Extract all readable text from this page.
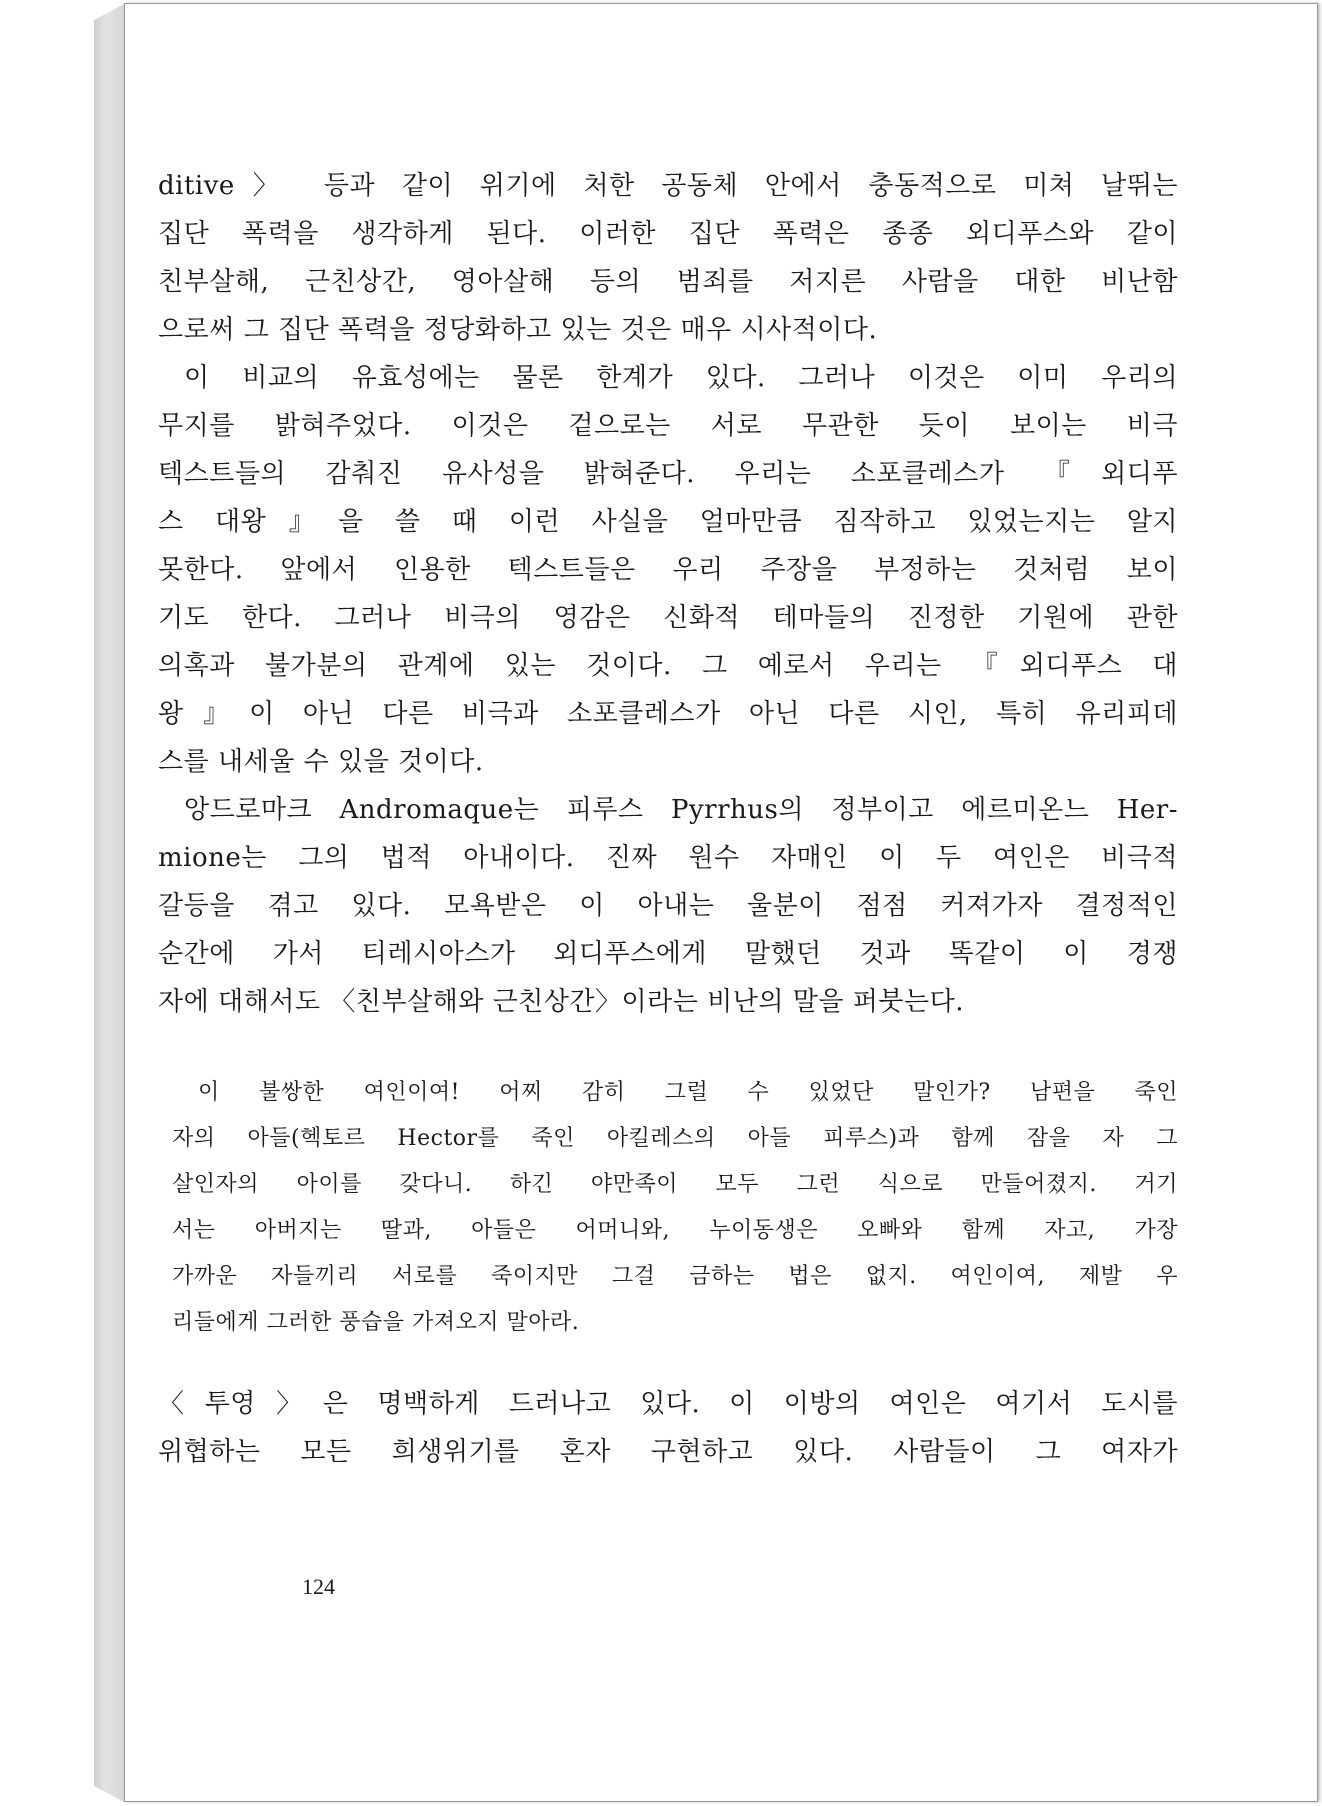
ditive〉 등과 같이 위기에 처한 공동체 안에서 충동적으로 미쳐 날뛰는
집단 폭력을 생각하게 된다. 이러한 집단 폭력은 종종 외디푸스와 같이
친부살해, 근친상간, 영아살해 등의 범죄를 저지른 사람을 대한 비난함
으로써 그 집단 폭력을 정당화하고 있는 것은 매우 시사적이다.
이 비교의 유효성에는 물론 한계가 있다. 그러나 이것은 이미 우리의
무지를 밝혀주었다. 이것은 겉으로는 서로 무관한 듯이 보이는 비극
텍스트들의 감춰진 유사성을 밝혀준다. 우리는 소포클레스가 『외디푸
스 대왕』을 쓸 때 이런 사실을 얼마만큼 짐작하고 있었는지는 알지
못한다. 앞에서 인용한 텍스트들은 우리 주장을 부정하는 것처럼 보이
기도 한다. 그러나 비극의 영감은 신화적 테마들의 진정한 기원에 관한
의혹과 불가분의 관계에 있는 것이다. 그 예로서 우리는 『외디푸스 대
왕』이 아닌 다른 비극과 소포클레스가 아닌 다른 시인, 특히 유리피데
스를 내세울 수 있을 것이다.
앙드로마크 Andromaque는 피루스 Pyrrhus의 정부이고 에르미온느 Her-
mione는 그의 법적 아내이다. 진짜 원수 자매인 이 두 여인은 비극적
갈등을 겪고 있다. 모욕받은 이 아내는 울분이 점점 커져가자 결정적인
순간에 가서 티레시아스가 외디푸스에게 말했던 것과 똑같이 이 경쟁
자에 대해서도 〈친부살해와 근친상간〉이라는 비난의 말을 퍼붓는다.
이 불쌍한 여인이여! 어찌 감히 그럴 수 있었단 말인가? 남편을 죽인
자의 아들(헥토르 Hector를 죽인 아킬레스의 아들 피루스)과 함께 잠을 자 그
살인자의 아이를 갖다니. 하긴 야만족이 모두 그런 식으로 만들어졌지. 거기
서는 아버지는 딸과, 아들은 어머니와, 누이동생은 오빠와 함께 자고, 가장
가까운 자들끼리 서로를 죽이지만 그걸 금하는 법은 없지. 여인이여, 제발 우
리들에게 그러한 풍습을 가져오지 말아라.
〈투영〉은 명백하게 드러나고 있다. 이 이방의 여인은 여기서 도시를
위협하는 모든 희생위기를 혼자 구현하고 있다. 사람들이 그 여자가
124
